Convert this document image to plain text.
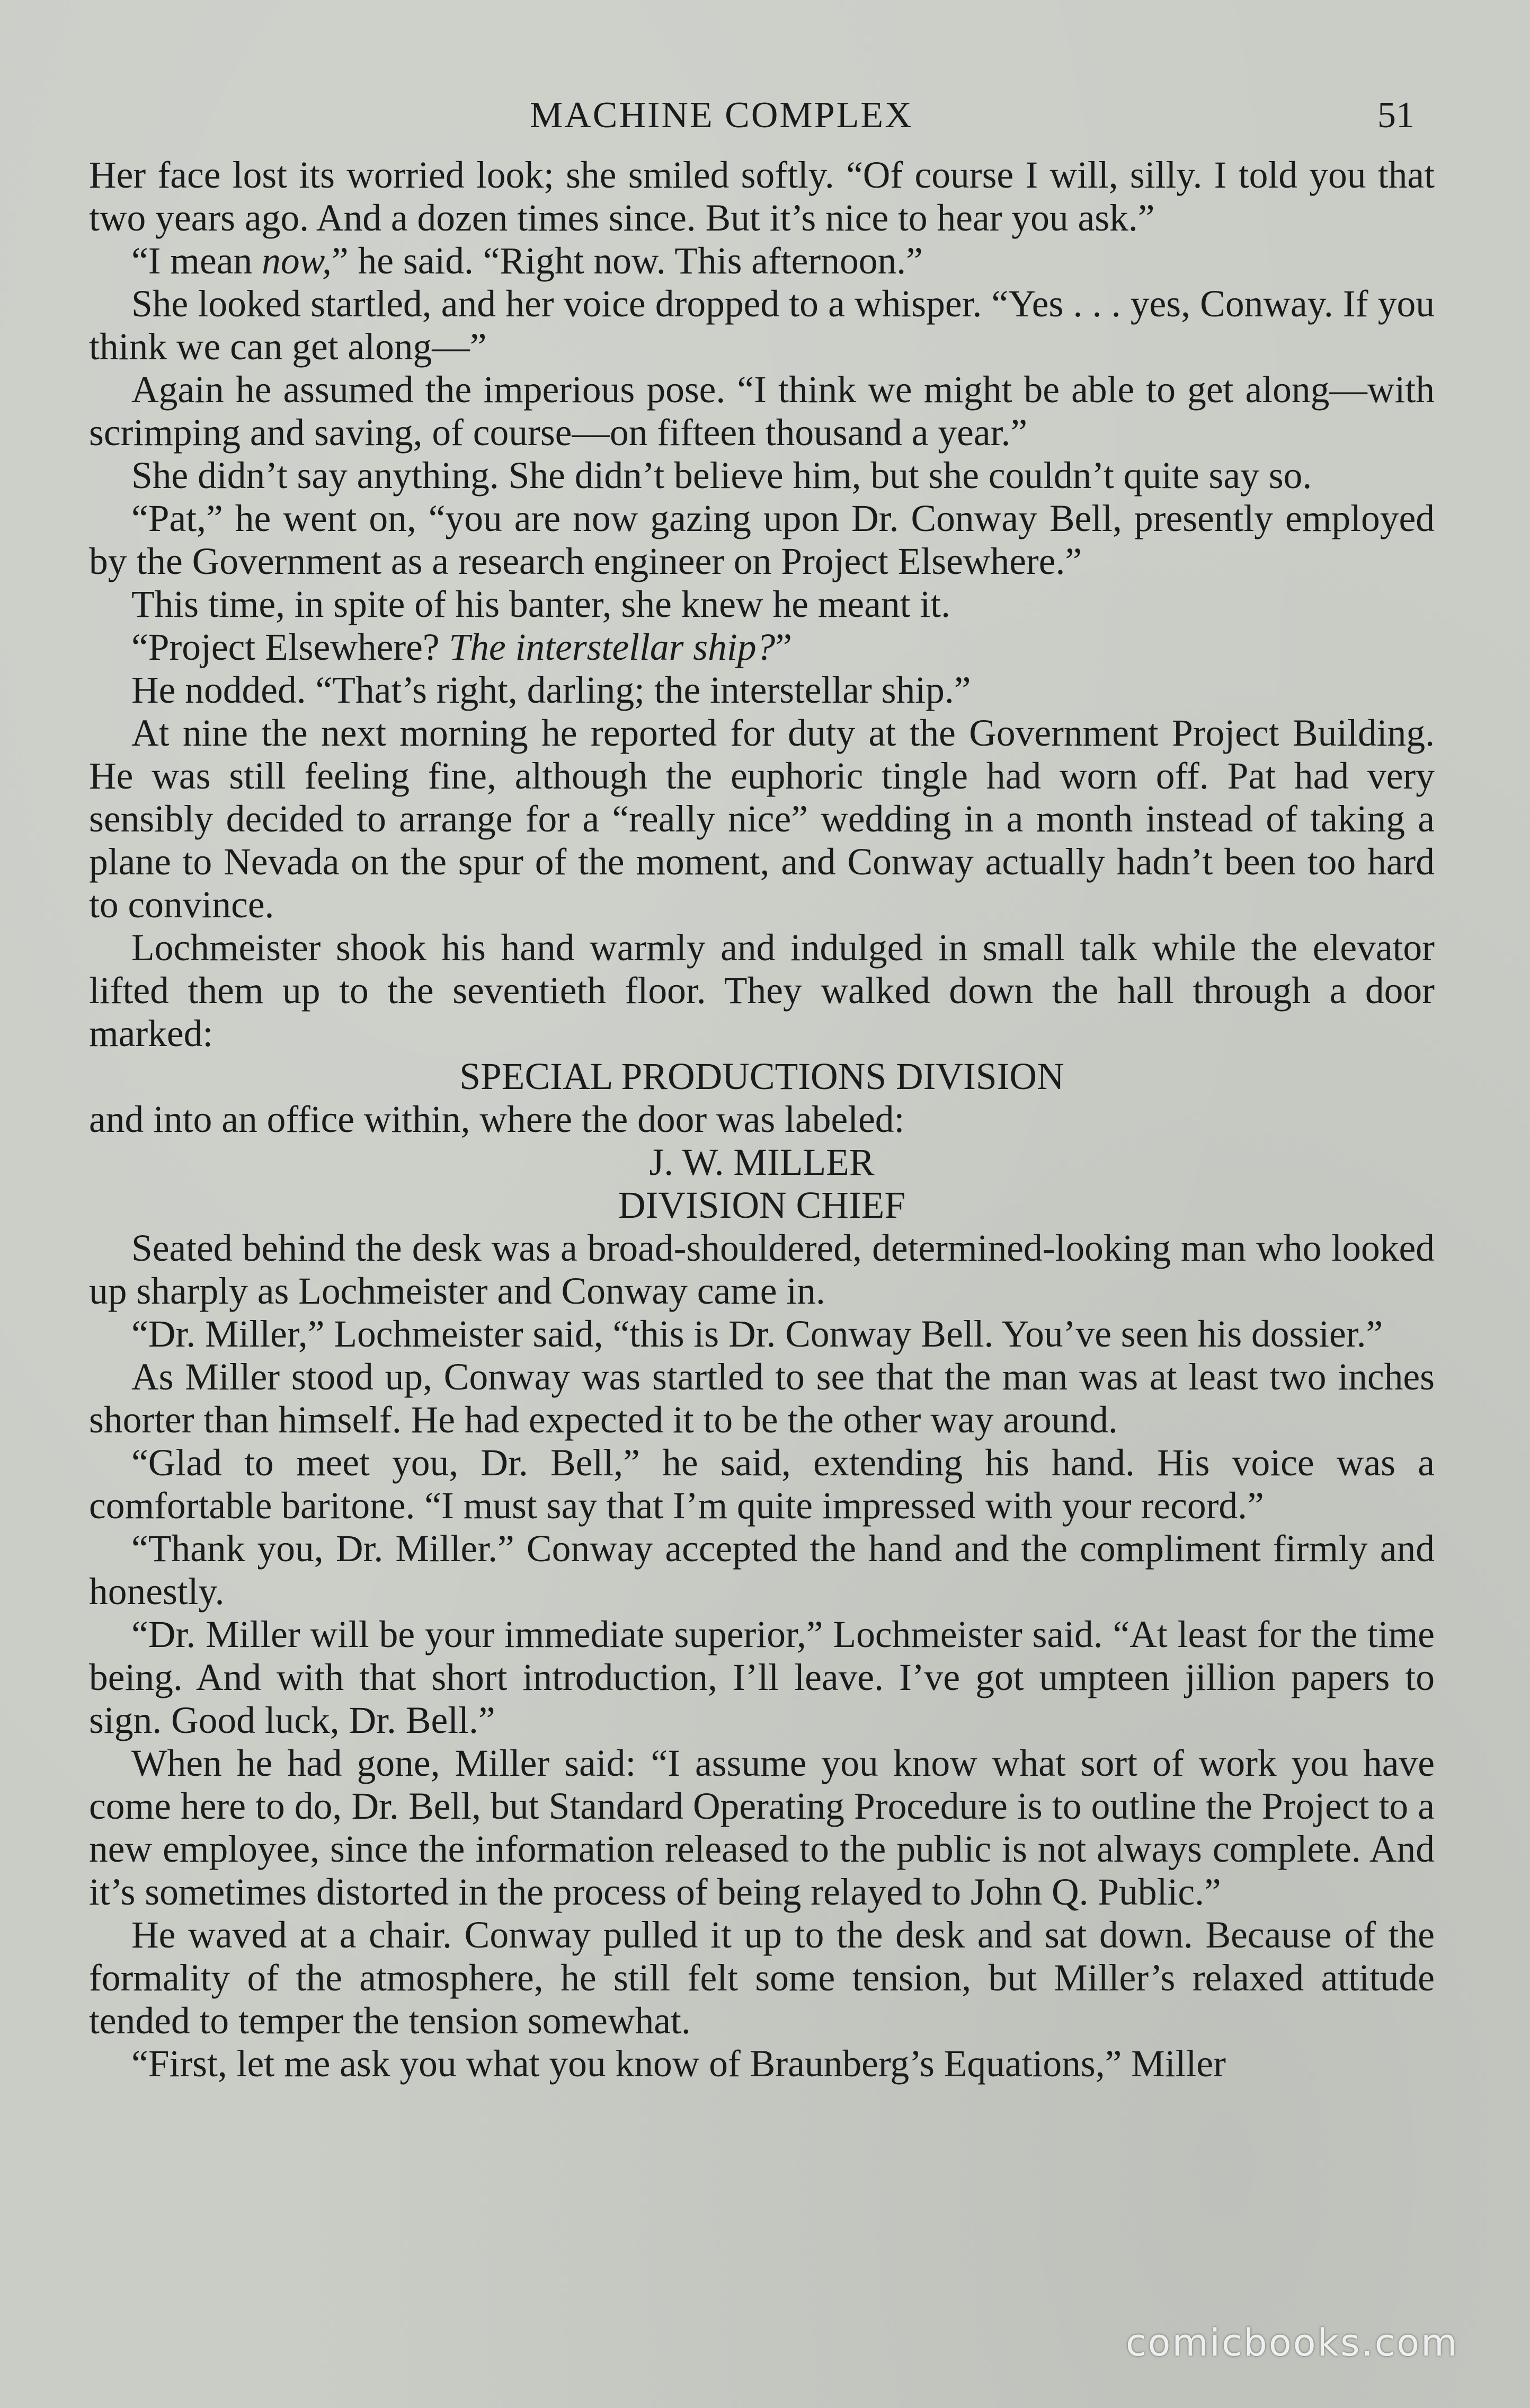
MACHINE COMPLEX	51

Her face lost its worried look; she smiled softly. “Of course I will, silly. I told you that two years ago. And a dozen times since. But it’s nice to hear you ask.”

“I mean now,” he said. “Right now. This afternoon.”

She looked startled, and her voice dropped to a whisper. “Yes . . . yes, Conway. If you think we can get along—”

Again he assumed the imperious pose. “I think we might be able to get along—with scrimping and saving, of course—on fifteen thousand a year.”

She didn’t say anything. She didn’t believe him, but she couldn’t quite say so.

“Pat,” he went on, “you are now gazing upon Dr. Conway Bell, presently employed by the Government as a research engineer on Project Elsewhere.”

This time, in spite of his banter, she knew he meant it.

“Project Elsewhere? The interstellar ship?”

He nodded. “That’s right, darling; the interstellar ship.”

At nine the next morning he reported for duty at the Government Project Building. He was still feeling fine, although the euphoric tingle had worn off. Pat had very sensibly decided to arrange for a “really nice” wedding in a month instead of taking a plane to Nevada on the spur of the moment, and Conway actually hadn’t been too hard to convince.

Lochmeister shook his hand warmly and indulged in small talk while the elevator lifted them up to the seventieth floor. They walked down the hall through a door marked:

SPECIAL PRODUCTIONS DIVISION

and into an office within, where the door was labeled:

J. W. MILLER

DIVISION CHIEF

Seated behind the desk was a broad-shouldered, determined-looking man who looked up sharply as Lochmeister and Conway came in.

“Dr. Miller,” Lochmeister said, “this is Dr. Conway Bell. You’ve seen his dossier.”

As Miller stood up, Conway was startled to see that the man was at least two inches shorter than himself. He had expected it to be the other way around.

“Glad to meet you, Dr. Bell,” he said, extending his hand. His voice was a comfortable baritone. “I must say that I’m quite impressed with your record.”

“Thank you, Dr. Miller.” Conway accepted the hand and the compliment firmly and honestly.

“Dr. Miller will be your immediate superior,” Lochmeister said. “At least for the time being. And with that short introduction, I’ll leave. I’ve got umpteen jillion papers to sign. Good luck, Dr. Bell.”

When he had gone, Miller said: “I assume you know what sort of work you have come here to do, Dr. Bell, but Standard Operating Procedure is to outline the Project to a new employee, since the information released to the public is not always complete. And it’s sometimes distorted in the process of being relayed to John Q. Public.”

He waved at a chair. Conway pulled it up to the desk and sat down. Because of the formality of the atmosphere, he still felt some tension, but Miller’s relaxed attitude tended to temper the tension somewhat.

“First, let me ask you what you know of Braunberg’s Equations,” Miller

comicbooks.com
